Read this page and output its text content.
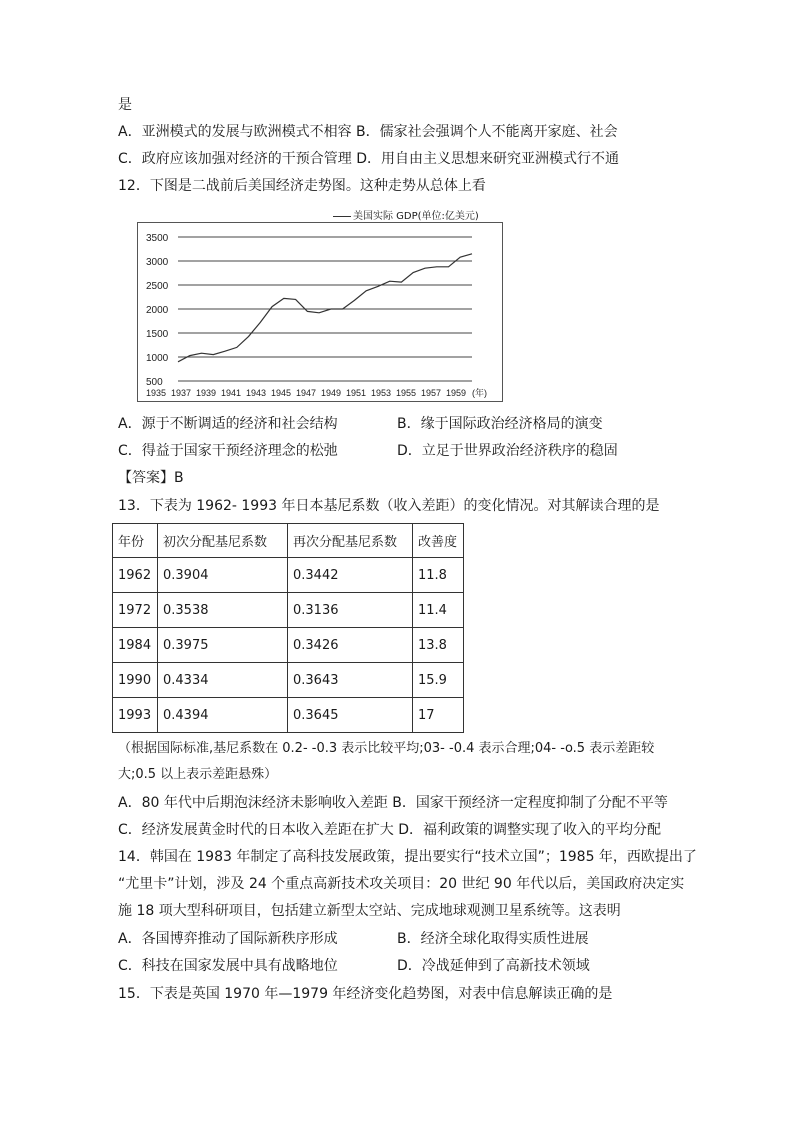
是
A．亚洲模式的发展与欧洲模式不相容 B．儒家社会强调个人不能离开家庭、社会
C．政府应该加强对经济的干预合管理 D．用自由主义思想来研究亚洲模式行不通
12．下图是二战前后美国经济走势图。这种走势从总体上看
美国实际 GDP(单位:亿美元)
3500
3000
2500
2000
1500
1000
500
1935 1937 1939 1941 1943 1945 1947 1949 1951 1953 1955 1957 1959 (年)
A．源于不断调适的经济和社会结构	B．缘于国际政治经济格局的演变
C．得益于国家干预经济理念的松弛	D．立足于世界政治经济秩序的稳固
【答案】B
13．下表为 1962- 1993 年日本基尼系数（收入差距）的变化情况。对其解读合理的是
年份	初次分配基尼系数	再次分配基尼系数	改善度
1962	0.3904	0.3442	11.8
1972	0.3538	0.3136	11.4
1984	0.3975	0.3426	13.8
1990	0.4334	0.3643	15.9
1993	0.4394	0.3645	17
（根据国际标准,基尼系数在 0.2- -0.3 表示比较平均;03- -0.4 表示合理;04- -o.5 表示差距较
大;0.5 以上表示差距悬殊）
A．80 年代中后期泡沫经济未影响收入差距 B．国家干预经济一定程度抑制了分配不平等
C．经济发展黄金时代的日本收入差距在扩大 D．福利政策的调整实现了收入的平均分配
14．韩国在 1983 年制定了高科技发展政策，提出要实行“技术立国”；1985 年，西欧提出了
“尤里卡”计划，涉及 24 个重点高新技术攻关项目：20 世纪 90 年代以后，美国政府决定实
施 18 项大型科研项目，包括建立新型太空站、完成地球观测卫星系统等。这表明
A．各国博弈推动了国际新秩序形成	B．经济全球化取得实质性进展
C．科技在国家发展中具有战略地位	D．冷战延伸到了高新技术领域
15．下表是英国 1970 年—1979 年经济变化趋势图，对表中信息解读正确的是
